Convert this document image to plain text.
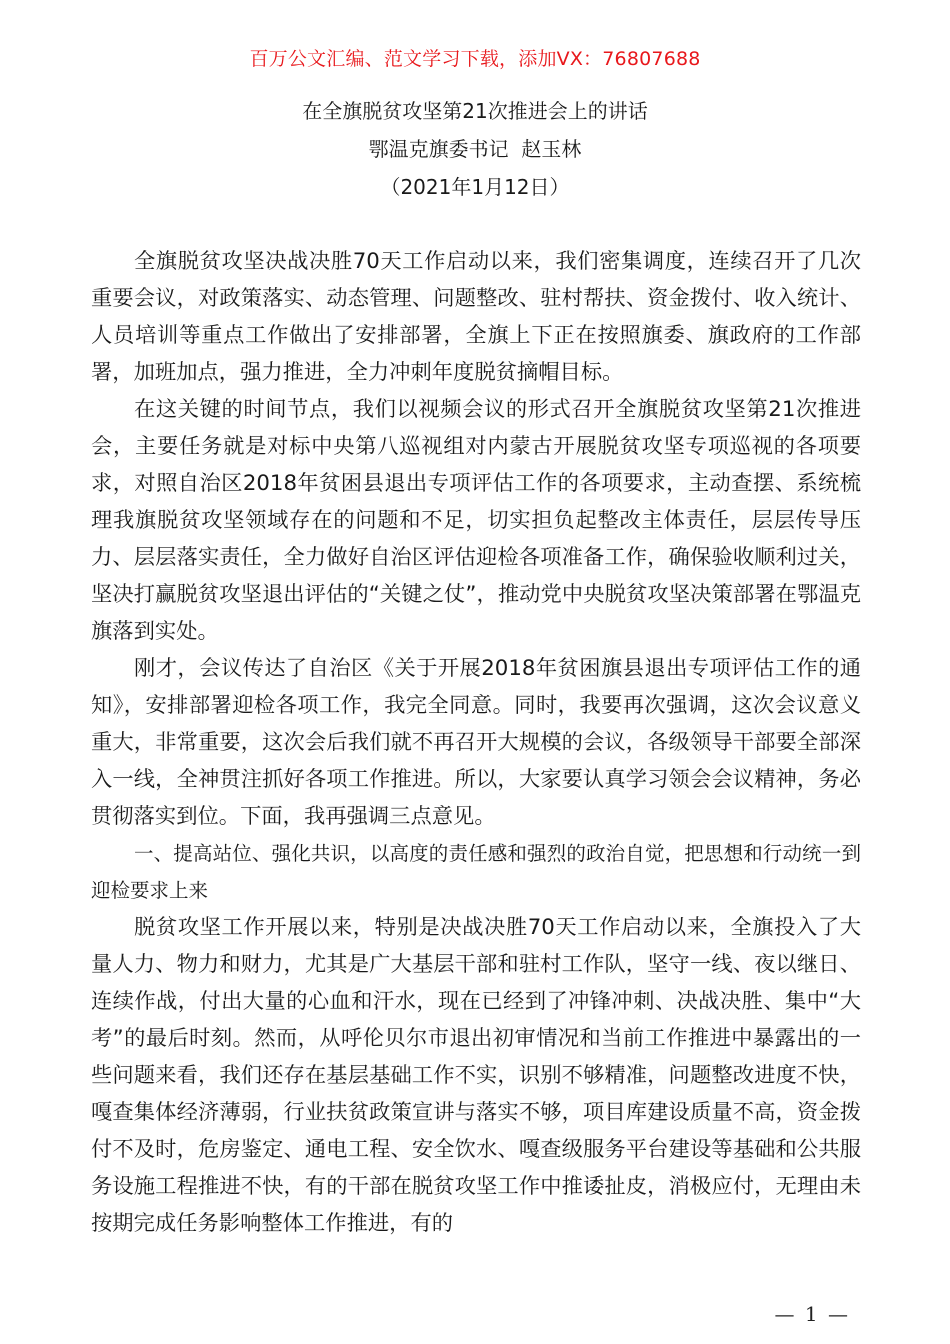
百万公文汇编、范文学习下载，添加VX：76807688
在全旗脱贫攻坚第21次推进会上的讲话
鄂温克旗委书记  赵玉林
（2021年1月12日）

全旗脱贫攻坚决战决胜70天工作启动以来，我们密集调度，连续召开了几次重要会议，对政策落实、动态管理、问题整改、驻村帮扶、资金拨付、收入统计、人员培训等重点工作做出了安排部署，全旗上下正在按照旗委、旗政府的工作部署，加班加点，强力推进，全力冲刺年度脱贫摘帽目标。

在这关键的时间节点，我们以视频会议的形式召开全旗脱贫攻坚第21次推进会，主要任务就是对标中央第八巡视组对内蒙古开展脱贫攻坚专项巡视的各项要求，对照自治区2018年贫困县退出专项评估工作的各项要求，主动查摆、系统梳理我旗脱贫攻坚领域存在的问题和不足，切实担负起整改主体责任，层层传导压力、层层落实责任，全力做好自治区评估迎检各项准备工作，确保验收顺利过关，坚决打赢脱贫攻坚退出评估的“关键之仗”，推动党中央脱贫攻坚决策部署在鄂温克旗落到实处。

刚才，会议传达了自治区《关于开展2018年贫困旗县退出专项评估工作的通知》，安排部署迎检各项工作，我完全同意。同时，我要再次强调，这次会议意义重大，非常重要，这次会后我们就不再召开大规模的会议，各级领导干部要全部深入一线，全神贯注抓好各项工作推进。所以，大家要认真学习领会会议精神，务必贯彻落实到位。下面，我再强调三点意见。

一、提高站位、强化共识，以高度的责任感和强烈的政治自觉，把思想和行动统一到迎检要求上来

脱贫攻坚工作开展以来，特别是决战决胜70天工作启动以来，全旗投入了大量人力、物力和财力，尤其是广大基层干部和驻村工作队，坚守一线、夜以继日、连续作战，付出大量的心血和汗水，现在已经到了冲锋冲刺、决战决胜、集中“大考”的最后时刻。然而，从呼伦贝尔市退出初审情况和当前工作推进中暴露出的一些问题来看，我们还存在基层基础工作不实，识别不够精准，问题整改进度不快，嘎查集体经济薄弱，行业扶贫政策宣讲与落实不够，项目库建设质量不高，资金拨付不及时，危房鉴定、通电工程、安全饮水、嘎查级服务平台建设等基础和公共服务设施工程推进不快，有的干部在脱贫攻坚工作中推诿扯皮，消极应付，无理由未按期完成任务影响整体工作推进，有的

— 1 —
